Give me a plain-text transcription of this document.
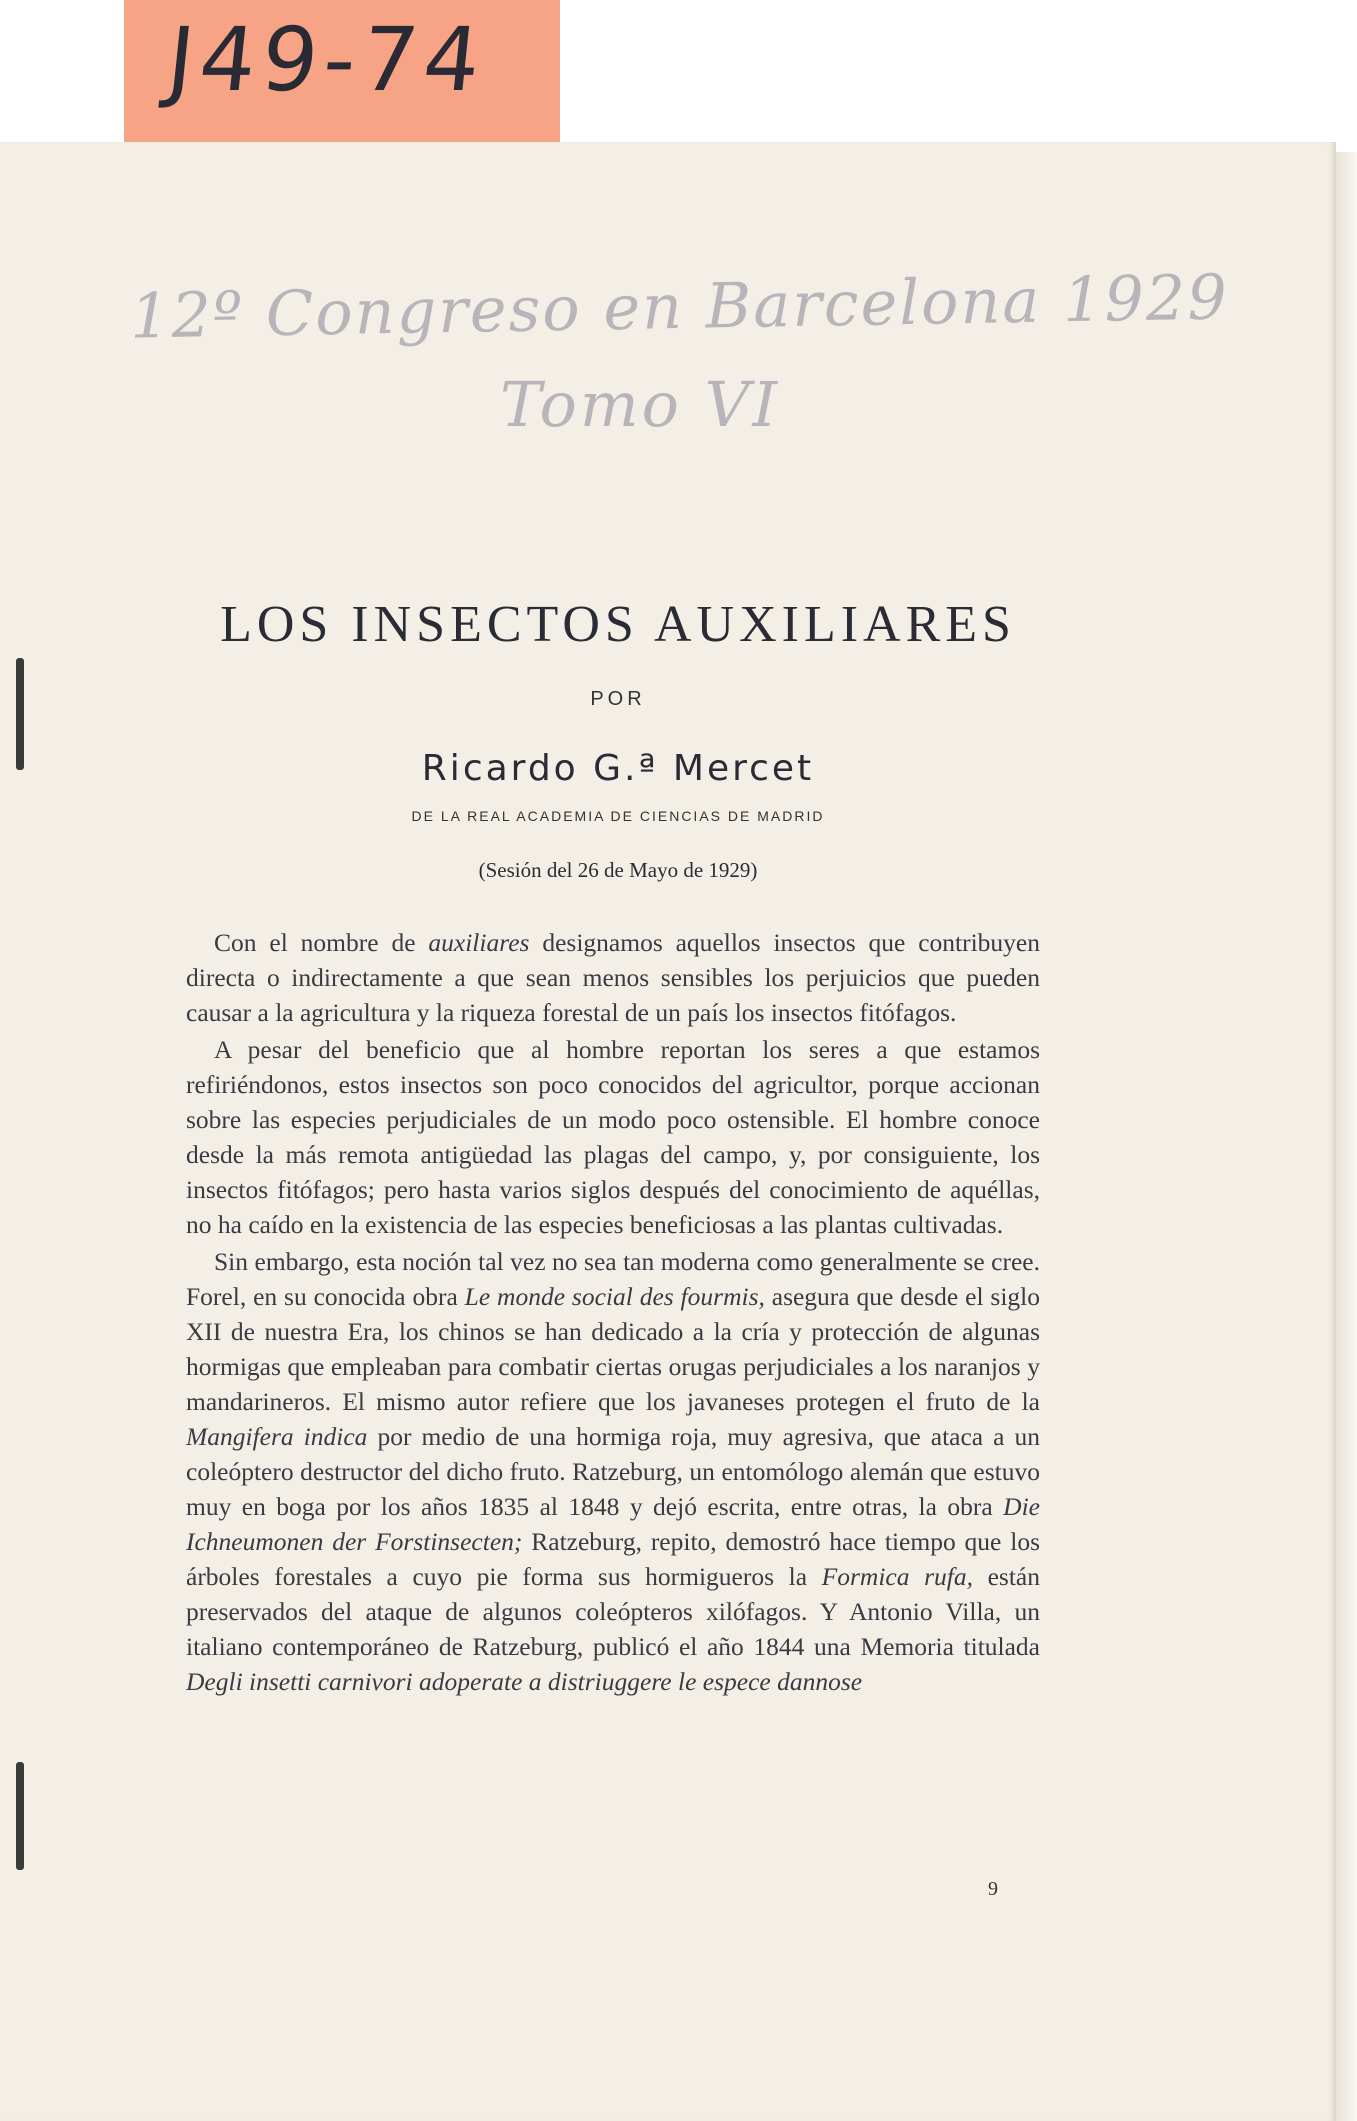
J49-74
12º Congreso en Barcelona 1929
Tomo VI
LOS INSECTOS AUXILIARES
POR
Ricardo G.ª Mercet
DE LA REAL ACADEMIA DE CIENCIAS DE MADRID
(Sesión del 26 de Mayo de 1929)

Con el nombre de auxiliares designamos aquellos insectos que contribuyen directa o indirectamente a que sean menos sensibles los perjuicios que pueden causar a la agricultura y la riqueza forestal de un país los insectos fitófagos.

A pesar del beneficio que al hombre reportan los seres a que estamos refiriéndonos, estos insectos son poco conocidos del agricultor, porque accionan sobre las especies perjudiciales de un modo poco ostensible. El hombre conoce desde la más remota antigüedad las plagas del campo, y, por consiguiente, los insectos fitófagos; pero hasta varios siglos después del conocimiento de aquéllas, no ha caído en la existencia de las especies beneficiosas a las plantas cultivadas.

Sin embargo, esta noción tal vez no sea tan moderna como generalmente se cree. Forel, en su conocida obra Le monde social des fourmis, asegura que desde el siglo XII de nuestra Era, los chinos se han dedicado a la cría y protección de algunas hormigas que empleaban para combatir ciertas orugas perjudiciales a los naranjos y mandarineros. El mismo autor refiere que los javaneses protegen el fruto de la Mangifera indica por medio de una hormiga roja, muy agresiva, que ataca a un coleóptero destructor del dicho fruto. Ratzeburg, un entomólogo alemán que estuvo muy en boga por los años 1835 al 1848 y dejó escrita, entre otras, la obra Die Ichneumonen der Forstinsecten; Ratzeburg, repito, demostró hace tiempo que los árboles forestales a cuyo pie forma sus hormigueros la Formica rufa, están preservados del ataque de algunos coleópteros xilófagos. Y Antonio Villa, un italiano contemporáneo de Ratzeburg, publicó el año 1844 una Memoria titulada Degli insetti carnivori adoperate a distriuggere le espece dannose

9
